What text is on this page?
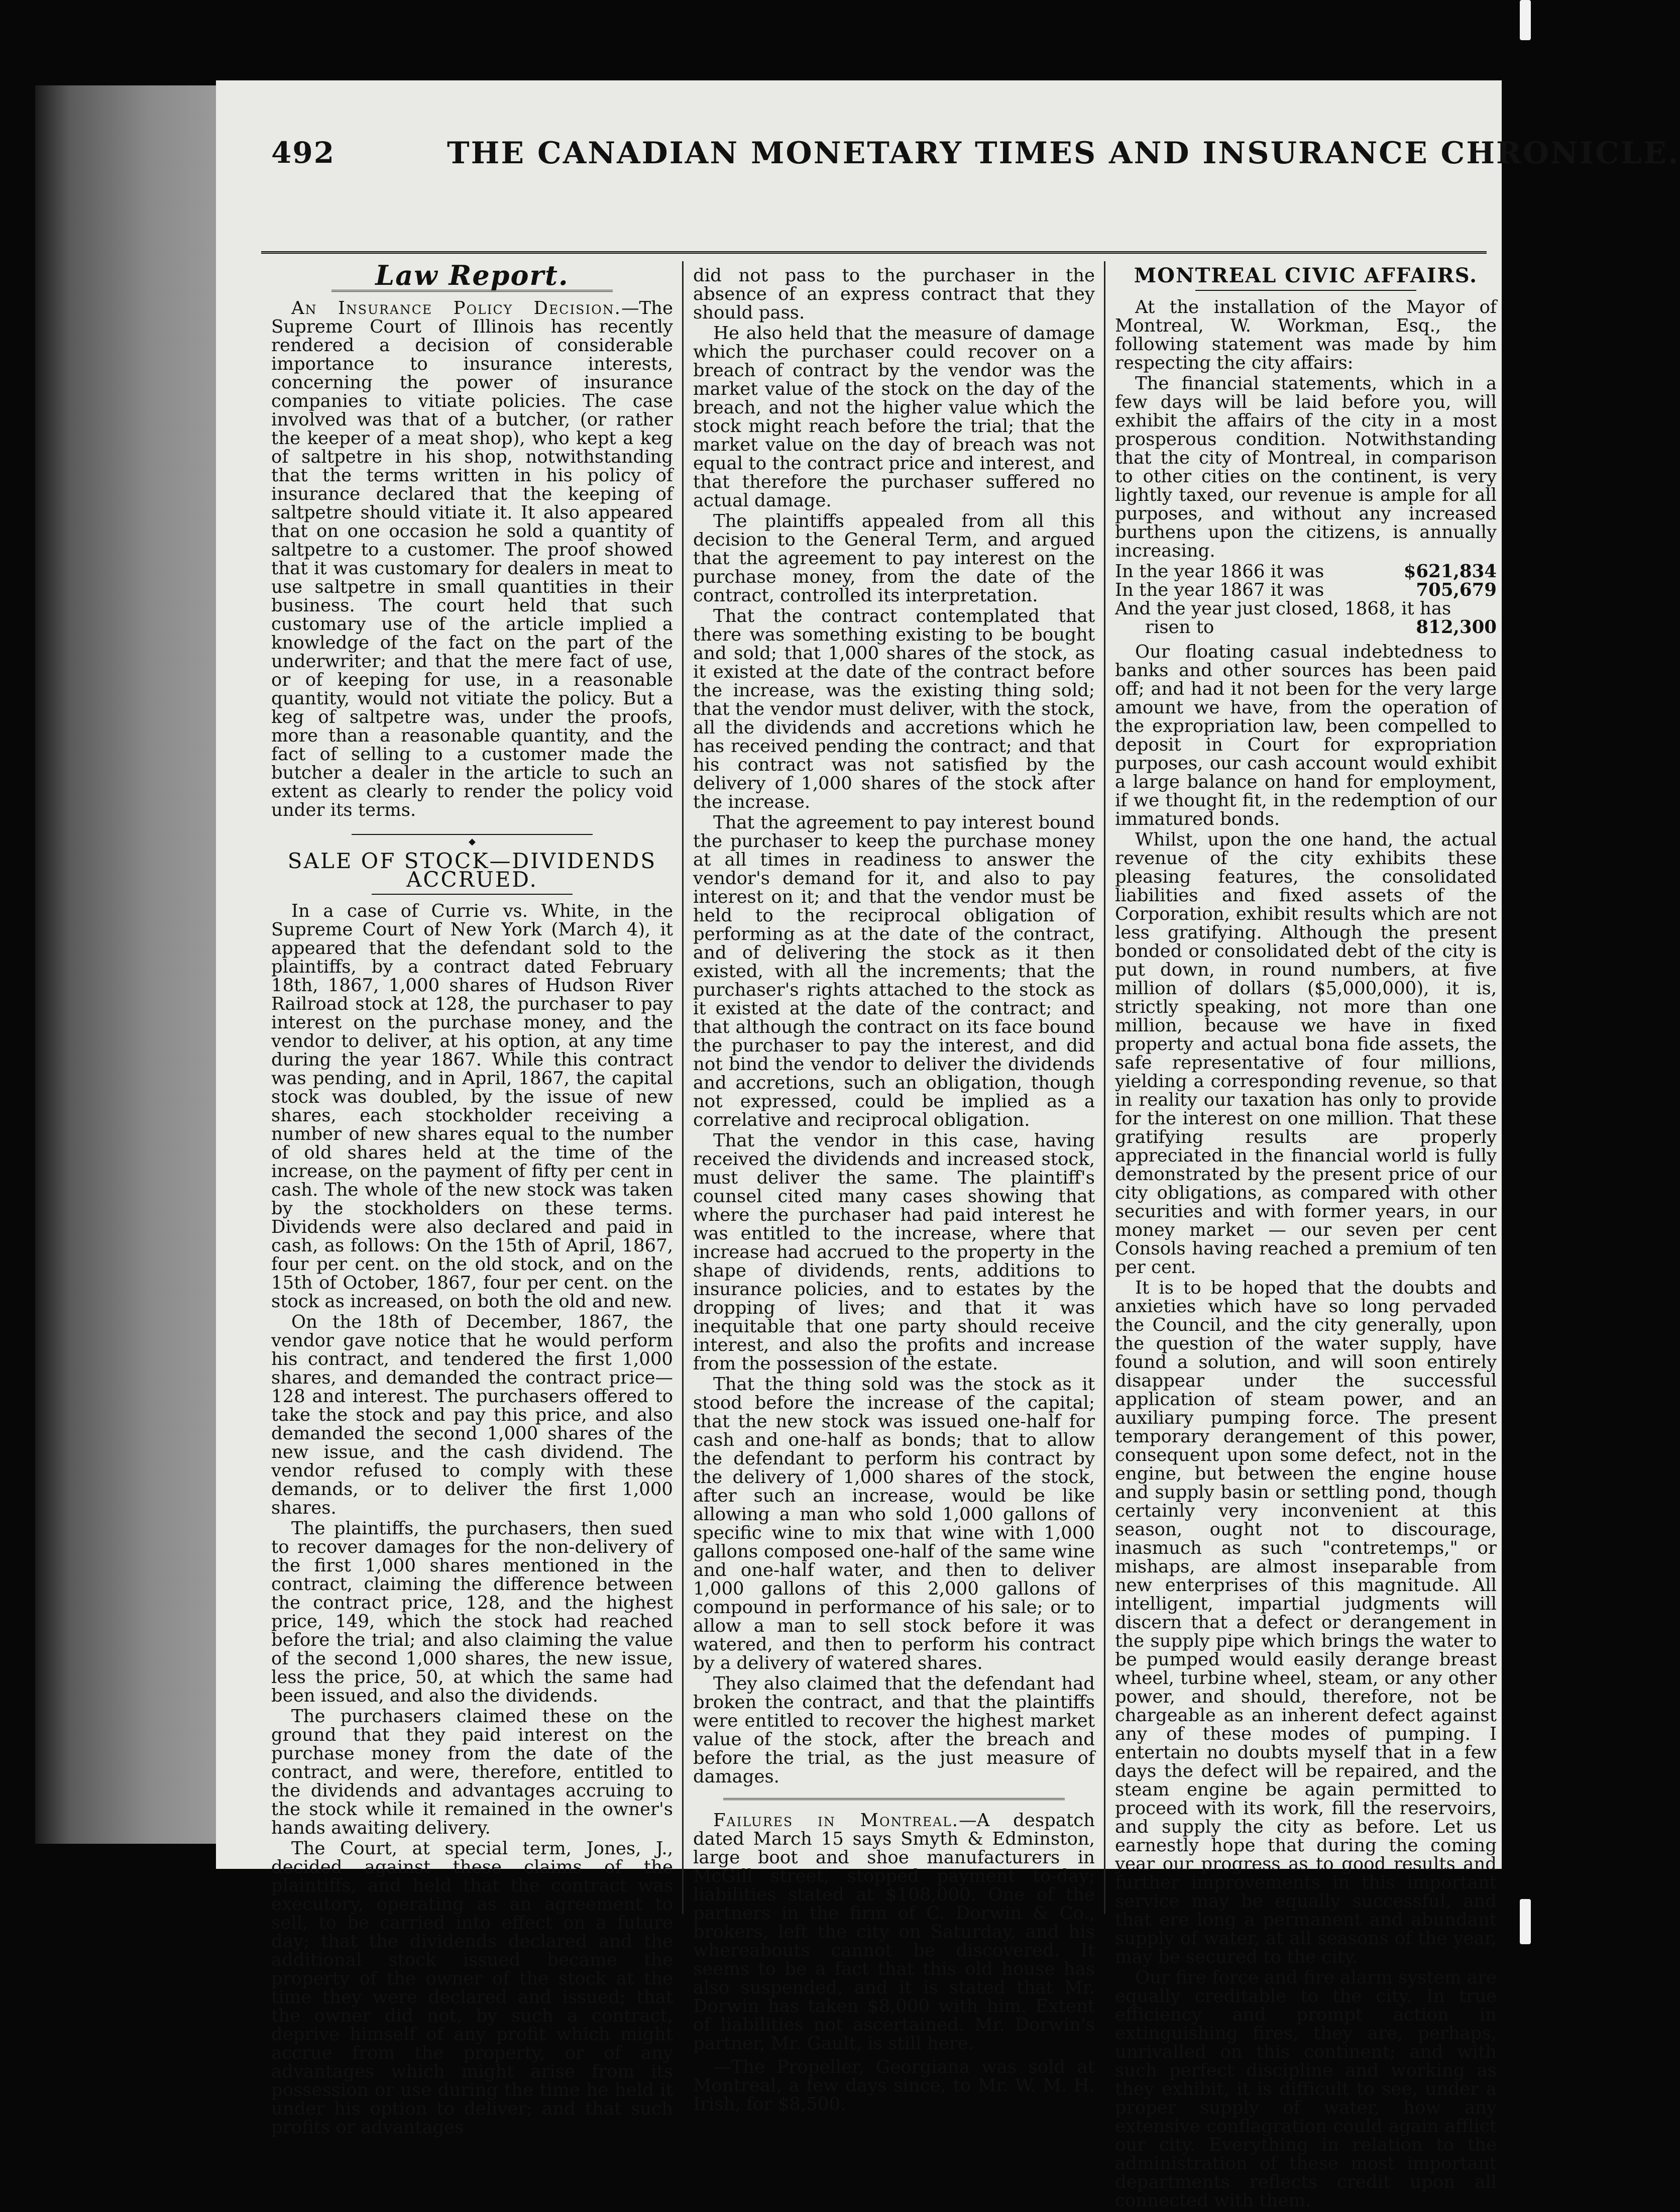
492	THE CANADIAN MONETARY TIMES AND INSURANCE CHRONICLE.
Law Report.

An Insurance Policy Decision.—The Supreme Court of Illinois has recently rendered a decision of considerable importance to insurance interests, concerning the power of insurance companies to vitiate policies. The case involved was that of a butcher, (or rather the keeper of a meat shop), who kept a keg of saltpetre in his shop, notwithstanding that the terms written in his policy of insurance declared that the keeping of saltpetre should vitiate it. It also appeared that on one occasion he sold a quantity of saltpetre to a customer. The proof showed that it was customary for dealers in meat to use saltpetre in small quantities in their business. The court held that such customary use of the article implied a knowledge of the fact on the part of the underwriter; and that the mere fact of use, or of keeping for use, in a reasonable quantity, would not vitiate the policy. But a keg of saltpetre was, under the proofs, more than a reasonable quantity, and the fact of selling to a customer made the butcher a dealer in the article to such an extent as clearly to render the policy void under its terms.

◆
SALE OF STOCK—DIVIDENDS ACCRUED.

In a case of Currie vs. White, in the Supreme Court of New York (March 4), it appeared that the defendant sold to the plaintiffs, by a contract dated February 18th, 1867, 1,000 shares of Hudson River Railroad stock at 128, the purchaser to pay interest on the purchase money, and the vendor to deliver, at his option, at any time during the year 1867. While this contract was pending, and in April, 1867, the capital stock was doubled, by the issue of new shares, each stockholder receiving a number of new shares equal to the number of old shares held at the time of the increase, on the payment of fifty per cent in cash. The whole of the new stock was taken by the stockholders on these terms. Dividends were also declared and paid in cash, as follows: On the 15th of April, 1867, four per cent. on the old stock, and on the 15th of October, 1867, four per cent. on the stock as increased, on both the old and new.

On the 18th of December, 1867, the vendor gave notice that he would perform his contract, and tendered the first 1,000 shares, and demanded the contract price—128 and interest. The purchasers offered to take the stock and pay this price, and also demanded the second 1,000 shares of the new issue, and the cash dividend. The vendor refused to comply with these demands, or to deliver the first 1,000 shares.

The plaintiffs, the purchasers, then sued to recover damages for the non-delivery of the first 1,000 shares mentioned in the contract, claiming the difference between the contract price, 128, and the highest price, 149, which the stock had reached before the trial; and also claiming the value of the second 1,000 shares, the new issue, less the price, 50, at which the same had been issued, and also the dividends.

The purchasers claimed these on the ground that they paid interest on the purchase money from the date of the contract, and were, therefore, entitled to the dividends and advantages accruing to the stock while it remained in the owner's hands awaiting delivery.

The Court, at special term, Jones, J., decided against these claims of the plaintiffs, and held that the contract was executory, operating as an agreement to sell, to be carried into effect on a future day; that the dividends declared and the additional stock issued became the property of the owner of the stock at the time they were declared and issued; that the owner did not, by such a contract, deprive himself of any profit which might accrue from the property, or of any advantages which might arise from its possession or use during the time he held it under his option to deliver; and that such profits or advantages

did not pass to the purchaser in the absence of an express contract that they should pass.

He also held that the measure of damage which the purchaser could recover on a breach of contract by the vendor was the market value of the stock on the day of the breach, and not the higher value which the stock might reach before the trial; that the market value on the day of breach was not equal to the contract price and interest, and that therefore the purchaser suffered no actual damage.

The plaintiffs appealed from all this decision to the General Term, and argued that the agreement to pay interest on the purchase money, from the date of the contract, controlled its interpretation.

That the contract contemplated that there was something existing to be bought and sold; that 1,000 shares of the stock, as it existed at the date of the contract before the increase, was the existing thing sold; that the vendor must deliver, with the stock, all the dividends and accretions which he has received pending the contract; and that his contract was not satisfied by the delivery of 1,000 shares of the stock after the increase.

That the agreement to pay interest bound the purchaser to keep the purchase money at all times in readiness to answer the vendor's demand for it, and also to pay interest on it; and that the vendor must be held to the reciprocal obligation of performing as at the date of the contract, and of delivering the stock as it then existed, with all the increments; that the purchaser's rights attached to the stock as it existed at the date of the contract; and that although the contract on its face bound the purchaser to pay the interest, and did not bind the vendor to deliver the dividends and accretions, such an obligation, though not expressed, could be implied as a correlative and reciprocal obligation.

That the vendor in this case, having received the dividends and increased stock, must deliver the same. The plaintiff's counsel cited many cases showing that where the purchaser had paid interest he was entitled to the increase, where that increase had accrued to the property in the shape of dividends, rents, additions to insurance policies, and to estates by the dropping of lives; and that it was inequitable that one party should receive interest, and also the profits and increase from the possession of the estate.

That the thing sold was the stock as it stood before the increase of the capital; that the new stock was issued one-half for cash and one-half as bonds; that to allow the defendant to perform his contract by the delivery of 1,000 shares of the stock, after such an increase, would be like allowing a man who sold 1,000 gallons of specific wine to mix that wine with 1,000 gallons composed one-half of the same wine and one-half water, and then to deliver 1,000 gallons of this 2,000 gallons of compound in performance of his sale; or to allow a man to sell stock before it was watered, and then to perform his contract by a delivery of watered shares.

They also claimed that the defendant had broken the contract, and that the plaintiffs were entitled to recover the highest market value of the stock, after the breach and before the trial, as the just measure of damages.

Failures in Montreal.—A despatch dated March 15 says Smyth & Edminston, large boot and shoe manufacturers in McGill street, stopped payment to-day; liabilities stated at $108,000. One of the partners in the firm of C. Dorwin & Co., brokers, left the city on Saturday, and his whereabouts cannot be discovered. It seems to be a fact that this old house has also suspended, and it is stated that Mr. Dorwin has taken $8,000 with him. Extent of liabilities not ascertained. Mr. Dorwin's partner, Mr. Gault, is still here.

—The Propeller, Georgiana was sold at Montreal, a few days since, to Mr. W. M. H. Irish, for $8,500.

MONTREAL CIVIC AFFAIRS.

At the installation of the Mayor of Montreal, W. Workman, Esq., the following statement was made by him respecting the city affairs:

The financial statements, which in a few days will be laid before you, will exhibit the affairs of the city in a most prosperous condition. Notwithstanding that the city of Montreal, in comparison to other cities on the continent, is very lightly taxed, our revenue is ample for all purposes, and without any increased burthens upon the citizens, is annually increasing.

In the year 1866 it was	$621,834
In the year 1867 it was	705,679
And the year just closed, 1868, it has
risen to	812,300

Our floating casual indebtedness to banks and other sources has been paid off; and had it not been for the very large amount we have, from the operation of the expropriation law, been compelled to deposit in Court for expropriation purposes, our cash account would exhibit a large balance on hand for employment, if we thought fit, in the redemption of our immatured bonds.

Whilst, upon the one hand, the actual revenue of the city exhibits these pleasing features, the consolidated liabilities and fixed assets of the Corporation, exhibit results which are not less gratifying. Although the present bonded or consolidated debt of the city is put down, in round numbers, at five million of dollars ($5,000,000), it is, strictly speaking, not more than one million, because we have in fixed property and actual bona fide assets, the safe representative of four millions, yielding a corresponding revenue, so that in reality our taxation has only to provide for the interest on one million. That these gratifying results are properly appreciated in the financial world is fully demonstrated by the present price of our city obligations, as compared with other securities and with former years, in our money market — our seven per cent Consols having reached a premium of ten per cent.

It is to be hoped that the doubts and anxieties which have so long pervaded the Council, and the city generally, upon the question of the water supply, have found a solution, and will soon entirely disappear under the successful application of steam power, and an auxiliary pumping force. The present temporary derangement of this power, consequent upon some defect, not in the engine, but between the engine house and supply basin or settling pond, though certainly very inconvenient at this season, ought not to discourage, inasmuch as such "contretemps," or mishaps, are almost inseparable from new enterprises of this magnitude. All intelligent, impartial judgments will discern that a defect or derangement in the supply pipe which brings the water to be pumped would easily derange breast wheel, turbine wheel, steam, or any other power, and should, therefore, not be chargeable as an inherent defect against any of these modes of pumping. I entertain no doubts myself that in a few days the defect will be repaired, and the steam engine be again permitted to proceed with its work, fill the reservoirs, and supply the city as before. Let us earnestly hope that during the coming year our progress as to good results and further improvements in this important service may be equally successful, and that ere long a permanent and abundant supply of water, at all seasons of the year, may be secured to the city.

Our fire force and fire alarm system are equally creditable to the city. In true efficiency and prompt action in extinguishing fires, they are, perhaps, unrivalled on this continent; and with such perfect discipline and working as they exhibit, it is difficult to see, under a proper supply of water, how any extensive conflagration could again afflict our city. Everything in relation to the administration of these most important departments reflects credit upon all connected with them.
